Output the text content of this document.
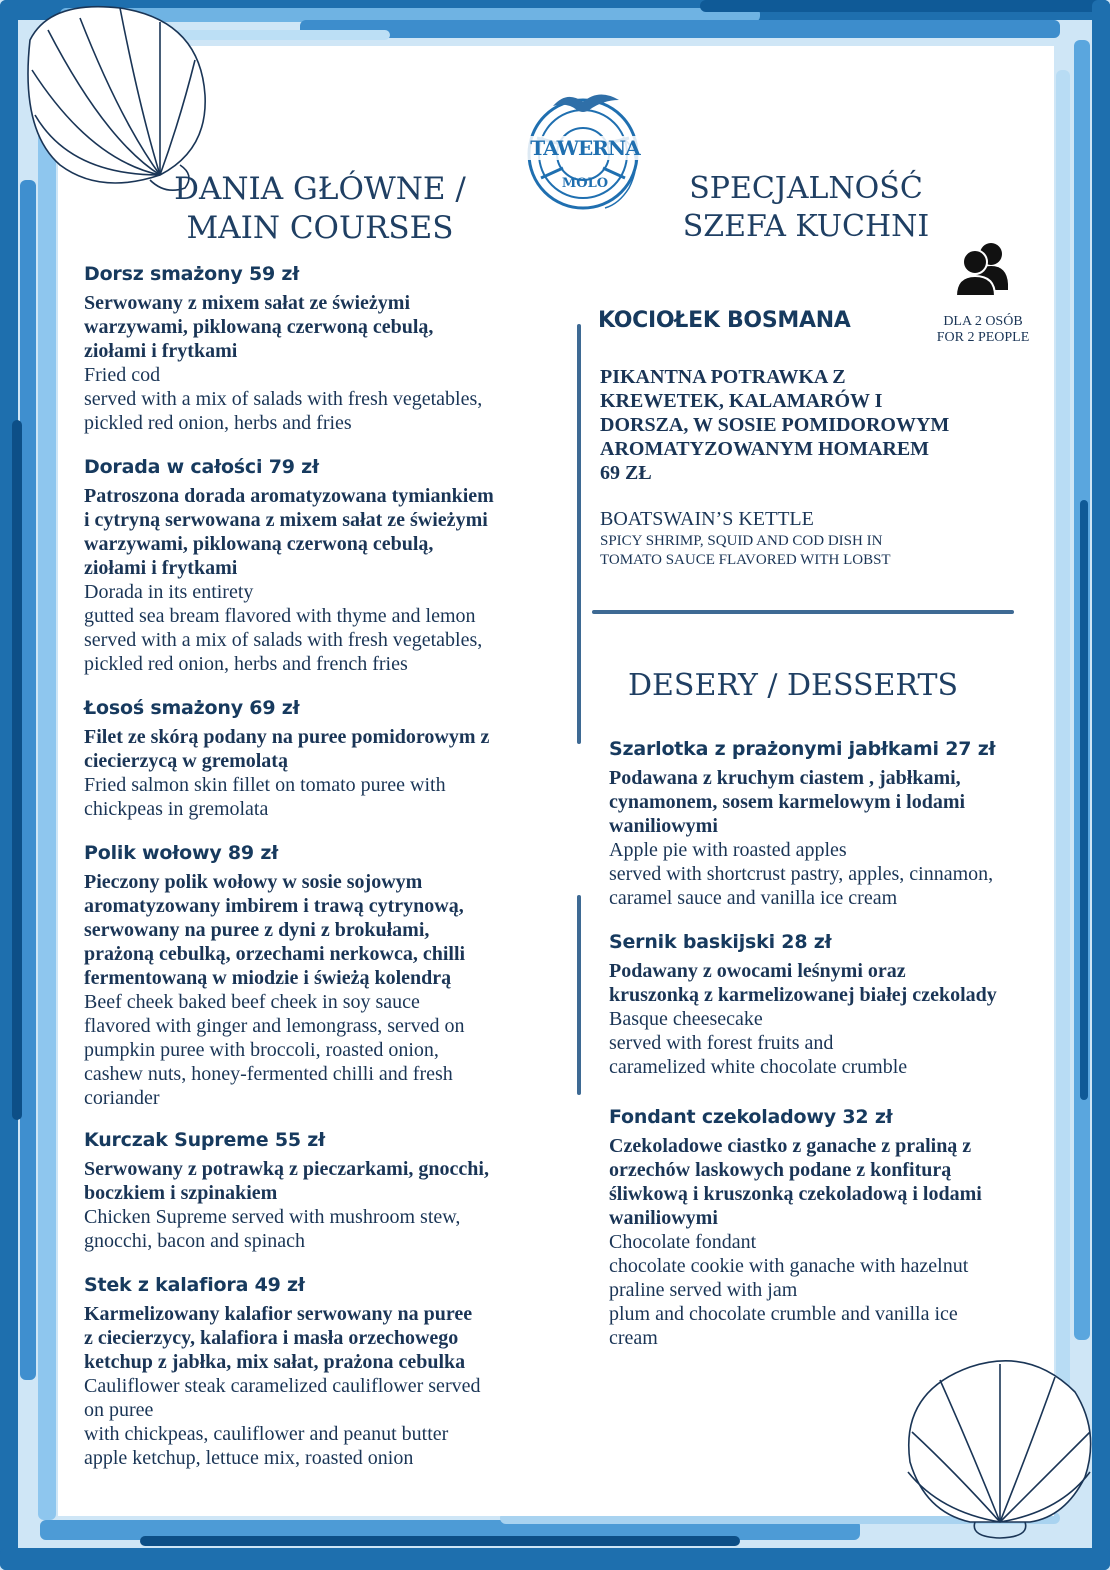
TAWERNA
MOLO
DANIA GŁÓWNE /
MAIN COURSES
Dorsz smażony 59 zł
Serwowany z mixem sałat ze świeżymi
warzywami, piklowaną czerwoną cebulą,
ziołami i frytkami
Fried cod
served with a mix of salads with fresh vegetables,
pickled red onion, herbs and fries
Dorada w całości 79 zł
Patroszona dorada aromatyzowana tymiankiem
i cytryną serwowana z mixem sałat ze świeżymi
warzywami, piklowaną czerwoną cebulą,
ziołami i frytkami
Dorada in its entirety
gutted sea bream flavored with thyme and lemon
served with a mix of salads with fresh vegetables,
pickled red onion, herbs and french fries
Łosoś smażony 69 zł
Filet ze skórą podany na puree pomidorowym z
ciecierzycą w gremolatą
Fried salmon skin fillet on tomato puree with
chickpeas in gremolata
Polik wołowy 89 zł
Pieczony polik wołowy w sosie sojowym
aromatyzowany imbirem i trawą cytrynową,
serwowany na puree z dyni z brokułami,
prażoną cebulką, orzechami nerkowca, chilli
fermentowaną w miodzie i świeżą kolendrą
Beef cheek baked beef cheek in soy sauce
flavored with ginger and lemongrass, served on
pumpkin puree with broccoli, roasted onion,
cashew nuts, honey-fermented chilli and fresh
coriander
Kurczak Supreme 55 zł
Serwowany z potrawką z pieczarkami, gnocchi,
boczkiem i szpinakiem
Chicken Supreme served with mushroom stew,
gnocchi, bacon and spinach
Stek z kalafiora 49 zł
Karmelizowany kalafior serwowany na puree
z ciecierzycy, kalafiora i masła orzechowego
ketchup z jabłka, mix sałat, prażona cebulka
Cauliflower steak caramelized cauliflower served
on puree
with chickpeas, cauliflower and peanut butter
apple ketchup, lettuce mix, roasted onion
SPECJALNOŚĆ
SZEFA KUCHNI
DLA 2 OSÓB
FOR 2 PEOPLE
KOCIOŁEK BOSMANA
PIKANTNA POTRAWKA Z
KREWETEK, KALAMARÓW I
DORSZA, W SOSIE POMIDOROWYM
AROMATYZOWANYM HOMAREM
69 ZŁ
BOATSWAIN’S KETTLE
SPICY SHRIMP, SQUID AND COD DISH IN
TOMATO SAUCE FLAVORED WITH LOBST
DESERY / DESSERTS
Szarlotka z prażonymi jabłkami 27 zł
Podawana z kruchym ciastem , jabłkami,
cynamonem, sosem karmelowym i lodami
waniliowymi
Apple pie with roasted apples
served with shortcrust pastry, apples, cinnamon,
caramel sauce and vanilla ice cream
Sernik baskijski 28 zł
Podawany z owocami leśnymi oraz
kruszonką z karmelizowanej białej czekolady
Basque cheesecake
served with forest fruits and
caramelized white chocolate crumble
Fondant czekoladowy 32 zł
Czekoladowe ciastko z ganache z praliną z
orzechów laskowych podane z konfiturą
śliwkową i kruszonką czekoladową i lodami
waniliowymi
Chocolate fondant
chocolate cookie with ganache with hazelnut
praline served with jam
plum and chocolate crumble and vanilla ice
cream
